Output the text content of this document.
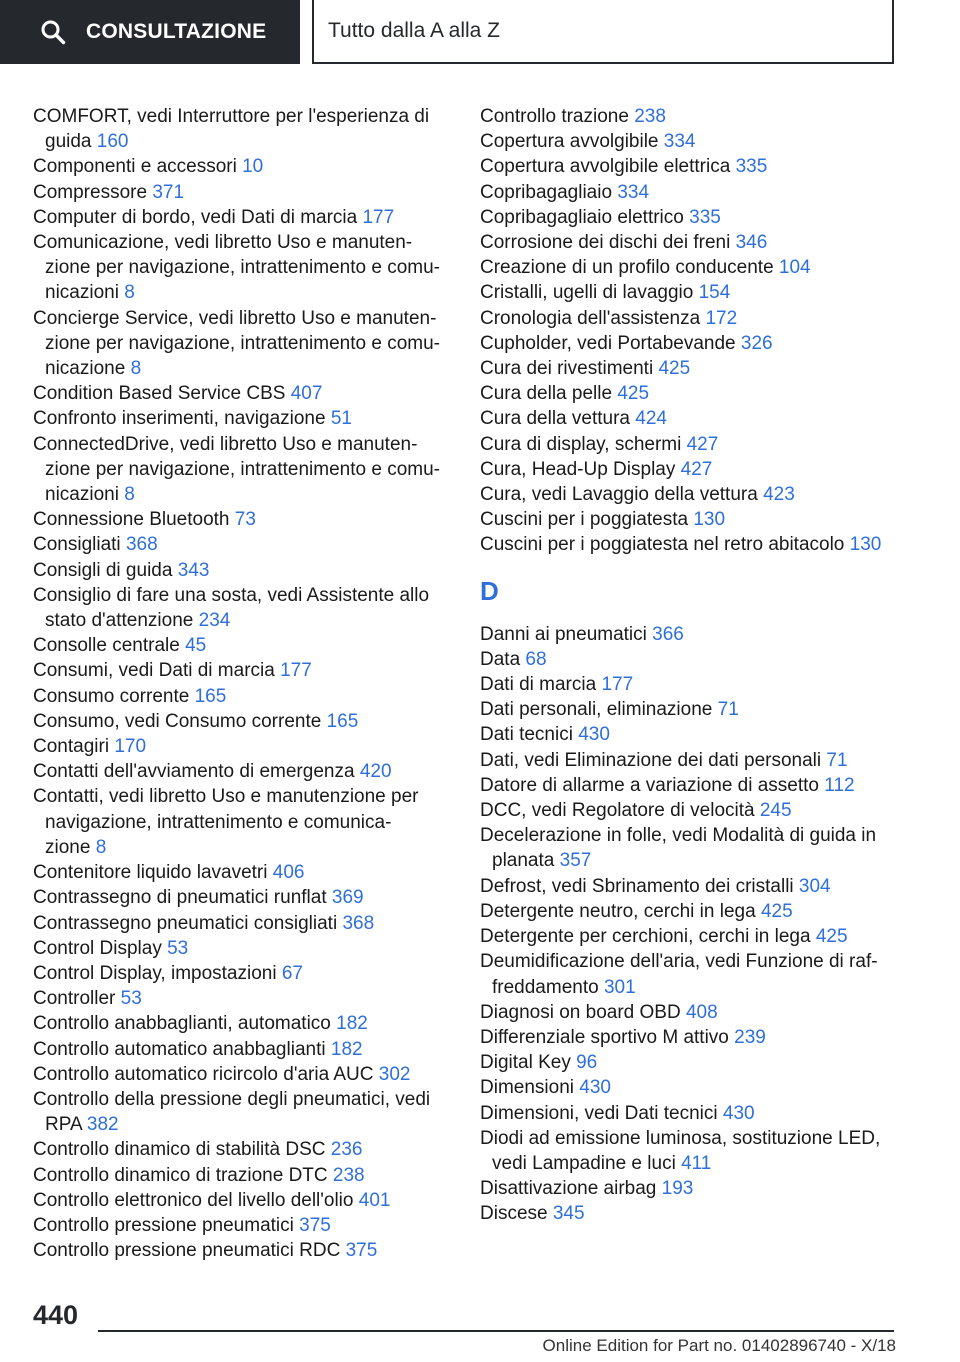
CONSULTAZIONE	Tutto dalla A alla Z
COMFORT, vedi Interruttore per l'esperienza di
guida 160
Componenti e accessori 10
Compressore 371
Computer di bordo, vedi Dati di marcia 177
Comunicazione, vedi libretto Uso e manuten-
zione per navigazione, intrattenimento e comu-
nicazioni 8
Concierge Service, vedi libretto Uso e manuten-
zione per navigazione, intrattenimento e comu-
nicazione 8
Condition Based Service CBS 407
Confronto inserimenti, navigazione 51
ConnectedDrive, vedi libretto Uso e manuten-
zione per navigazione, intrattenimento e comu-
nicazioni 8
Connessione Bluetooth 73
Consigliati 368
Consigli di guida 343
Consiglio di fare una sosta, vedi Assistente allo
stato d'attenzione 234
Consolle centrale 45
Consumi, vedi Dati di marcia 177
Consumo corrente 165
Consumo, vedi Consumo corrente 165
Contagiri 170
Contatti dell'avviamento di emergenza 420
Contatti, vedi libretto Uso e manutenzione per
navigazione, intrattenimento e comunica-
zione 8
Contenitore liquido lavavetri 406
Contrassegno di pneumatici runflat 369
Contrassegno pneumatici consigliati 368
Control Display 53
Control Display, impostazioni 67
Controller 53
Controllo anabbaglianti, automatico 182
Controllo automatico anabbaglianti 182
Controllo automatico ricircolo d'aria AUC 302
Controllo della pressione degli pneumatici, vedi
RPA 382
Controllo dinamico di stabilità DSC 236
Controllo dinamico di trazione DTC 238
Controllo elettronico del livello dell'olio 401
Controllo pressione pneumatici 375
Controllo pressione pneumatici RDC 375
Controllo trazione 238
Copertura avvolgibile 334
Copertura avvolgibile elettrica 335
Copribagagliaio 334
Copribagagliaio elettrico 335
Corrosione dei dischi dei freni 346
Creazione di un profilo conducente 104
Cristalli, ugelli di lavaggio 154
Cronologia dell'assistenza 172
Cupholder, vedi Portabevande 326
Cura dei rivestimenti 425
Cura della pelle 425
Cura della vettura 424
Cura di display, schermi 427
Cura, Head-Up Display 427
Cura, vedi Lavaggio della vettura 423
Cuscini per i poggiatesta 130
Cuscini per i poggiatesta nel retro abitacolo 130
D
Danni ai pneumatici 366
Data 68
Dati di marcia 177
Dati personali, eliminazione 71
Dati tecnici 430
Dati, vedi Eliminazione dei dati personali 71
Datore di allarme a variazione di assetto 112
DCC, vedi Regolatore di velocità 245
Decelerazione in folle, vedi Modalità di guida in
planata 357
Defrost, vedi Sbrinamento dei cristalli 304
Detergente neutro, cerchi in lega 425
Detergente per cerchioni, cerchi in lega 425
Deumidificazione dell'aria, vedi Funzione di raf-
freddamento 301
Diagnosi on board OBD 408
Differenziale sportivo M attivo 239
Digital Key 96
Dimensioni 430
Dimensioni, vedi Dati tecnici 430
Diodi ad emissione luminosa, sostituzione LED,
vedi Lampadine e luci 411
Disattivazione airbag 193
Discese 345
440
Online Edition for Part no. 01402896740 - X/18
